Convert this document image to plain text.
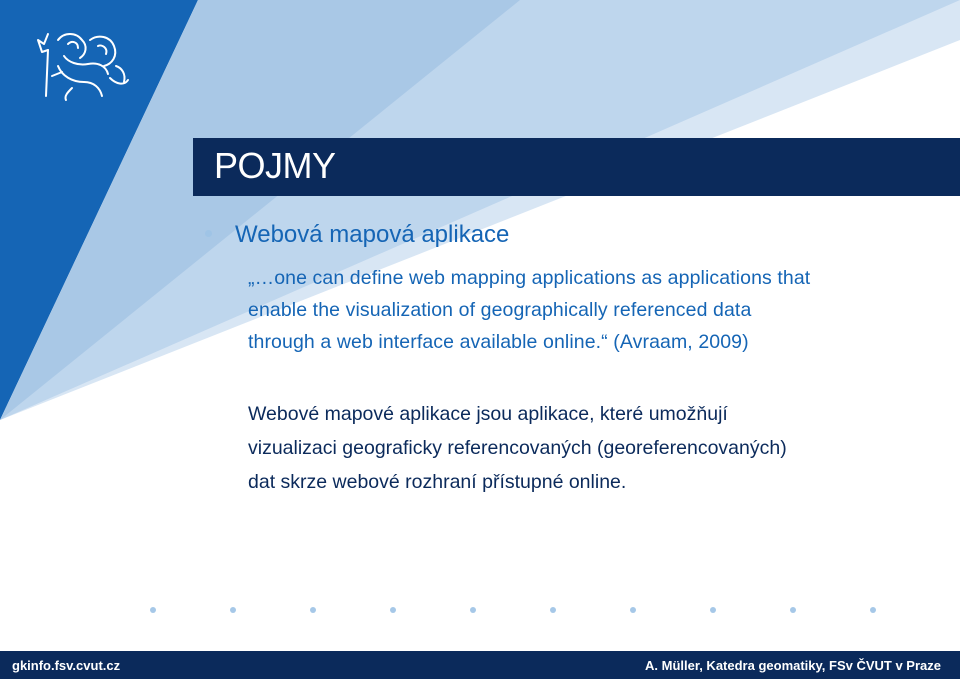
POJMY
Webová mapová aplikace
„…one can define web mapping applications as applications that
enable the visualization of geographically referenced data
through a web interface available online.“ (Avraam, 2009)
Webové mapové aplikace jsou aplikace, které umožňují
vizualizaci geograficky referencovaných (georeferencovaných)
dat skrze webové rozhraní přístupné online.
gkinfo.fsv.cvut.cz	A. Müller, Katedra geomatiky, FSv ČVUT v Praze
